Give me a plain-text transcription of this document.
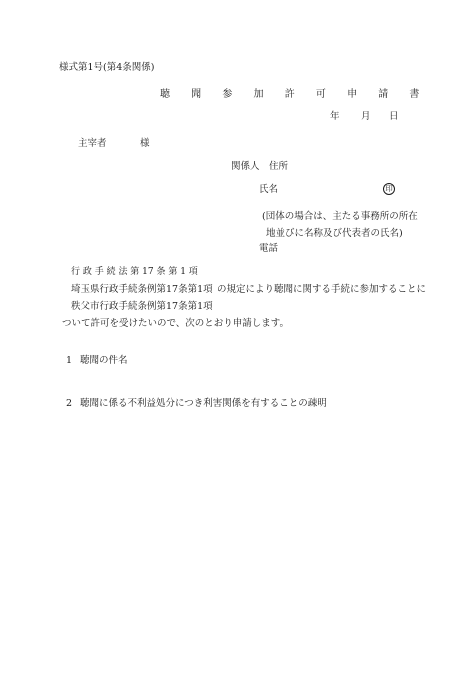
様式第1号(第4条関係)
聴 聞 参 加 許 可 申 請 書
年 月 日
主宰者	様
関係人　住所
氏名	印
(団体の場合は、主たる事務所の所在
地並びに名称及び代表者の氏名)
電話
行 政 手 続 法 第 17 条 第 1 項
埼玉県行政手続条例第17条第1項 の規定により聴聞に関する手続に参加することに
秩父市行政手続条例第17条第1項
ついて許可を受けたいので、次のとおり申請します。
1 聴聞の件名
2 聴聞に係る不利益処分につき利害関係を有することの疎明
